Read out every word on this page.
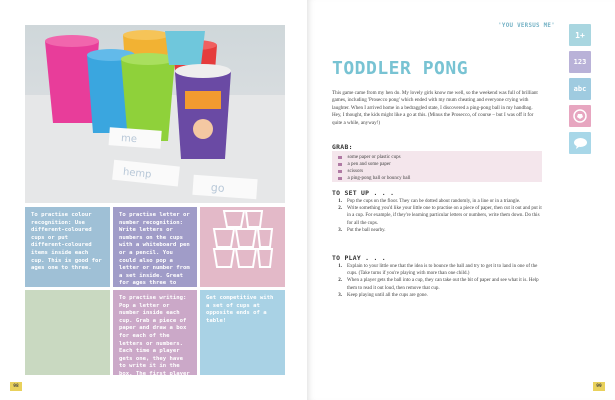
me
hemp
go
To practise colour recognition: Use different-coloured cups or put different-coloured items inside each cup. This is good for ages one to three.
To practise letter or number recognition: Write letters or numbers on the cups with a whiteboard pen or a pencil. You could also pop a letter or number from a set inside. Great for ages three to
To practise writing: Pop a letter or number inside each cup. Grab a piece of paper and draw a box for each of the letters or numbers. Each time a player gets one, they have to write it in the box. The first player to fill all their boxes wins!
Get competitive with a set of cups at opposite ends of a table!
98
'YOU VERSUS ME'
TODDLER PONG
This game came from my hen do. My lovely girls know me well, so the weekend was full of brilliant games, including 'Prosecco pong' which ended with my mum cheating and everyone crying with laughter. When I arrived home in a bedraggled state, I discovered a ping-pong ball in my handbag. Hey, I thought, the kids might like a go at this. (Minus the Prosecco, of course – but I was off it for quite a while, anyway!)
GRAB:
some paper or plastic cups
a pen and some paper
scissors
a ping-pong ball or bouncy ball
TO SET UP . . .
1.	Pop the cups on the floor. They can be dotted about randomly, in a line or in a triangle.
2.	Write something you'd like your little one to practise on a piece of paper, then cut it out and put it in a cup. For example, if they're learning particular letters or numbers, write them down. Do this for all the cups.
3.	Put the ball nearby.
TO PLAY . . .
1.	Explain to your little one that the idea is to bounce the ball and try to get it to land in one of the cups. (Take turns if you're playing with more than one child.)
2.	When a player gets the ball into a cup, they can take out the bit of paper and see what it is. Help them to read it out loud, then remove that cup.
3.	Keep playing until all the cups are gone.
1+
123
abc
99
